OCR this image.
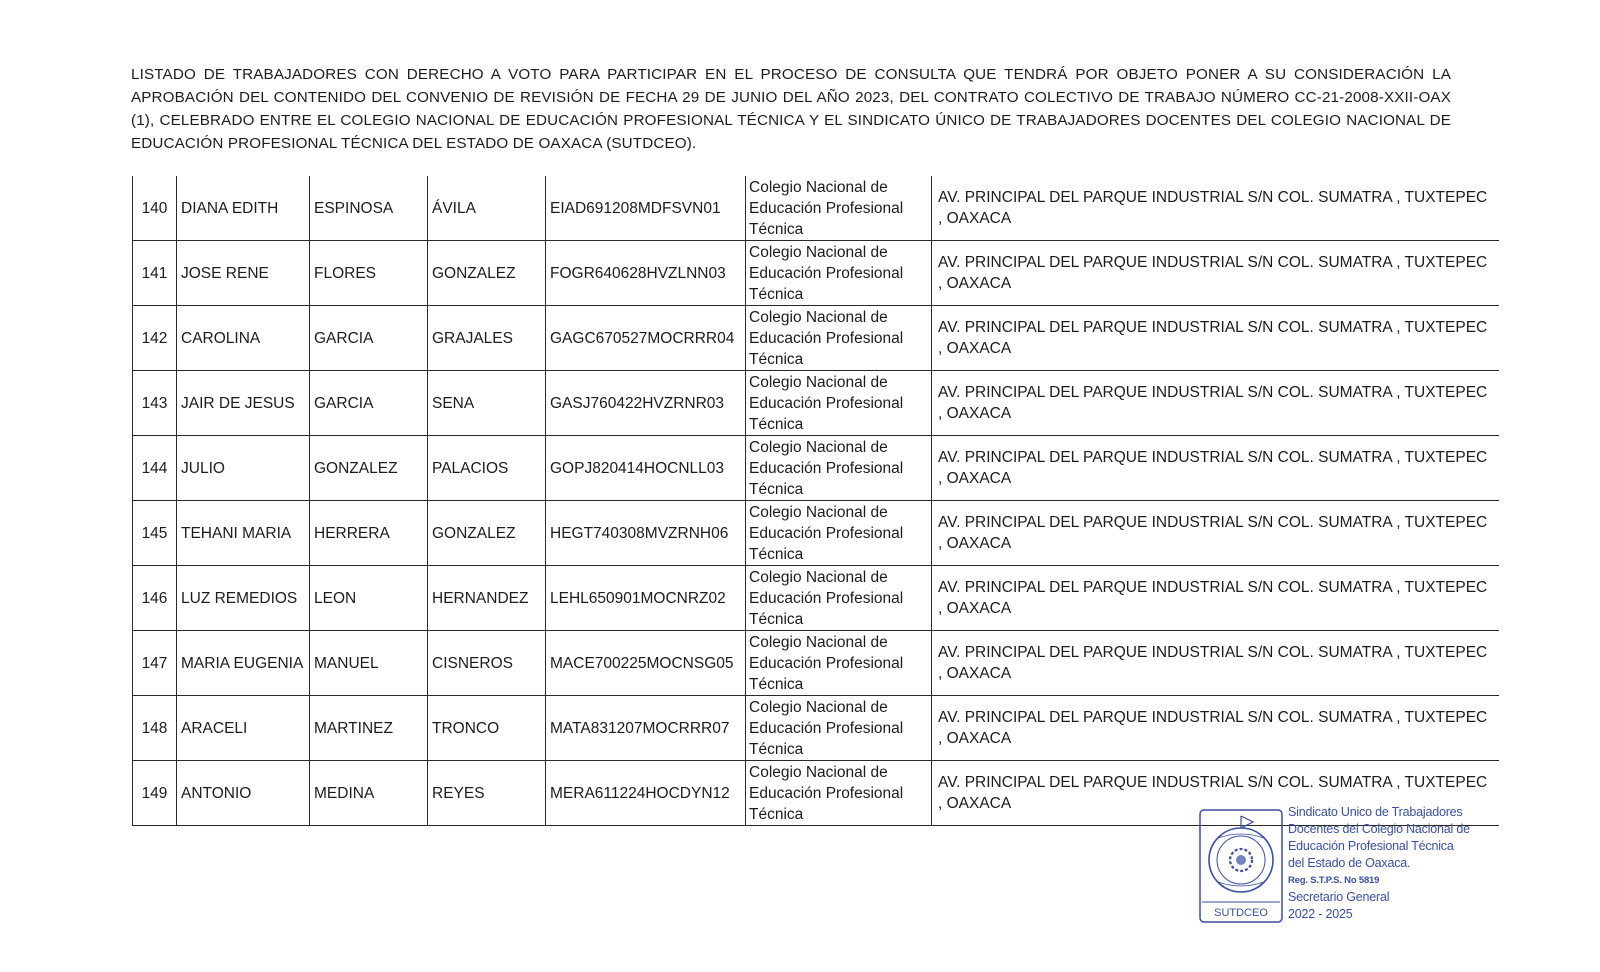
LISTADO DE TRABAJADORES CON DERECHO A VOTO PARA PARTICIPAR EN EL PROCESO DE CONSULTA QUE TENDRÁ POR OBJETO PONER A SU CONSIDERACIÓN LA APROBACIÓN DEL CONTENIDO DEL CONVENIO DE REVISIÓN DE FECHA 29 DE JUNIO DEL AÑO 2023, DEL CONTRATO COLECTIVO DE TRABAJO NÚMERO CC-21-2008-XXII-OAX (1), CELEBRADO ENTRE EL COLEGIO NACIONAL DE EDUCACIÓN PROFESIONAL TÉCNICA Y EL SINDICATO ÚNICO DE TRABAJADORES DOCENTES DEL COLEGIO NACIONAL DE EDUCACIÓN PROFESIONAL TÉCNICA DEL ESTADO DE OAXACA (SUTDCEO).

140	DIANA EDITH	ESPINOSA	ÁVILA	EIAD691208MDFSVN01	Colegio Nacional de Educación Profesional Técnica	AV. PRINCIPAL DEL PARQUE INDUSTRIAL S/N COL. SUMATRA , TUXTEPEC , OAXACA
141	JOSE RENE	FLORES	GONZALEZ	FOGR640628HVZLNN03	Colegio Nacional de Educación Profesional Técnica	AV. PRINCIPAL DEL PARQUE INDUSTRIAL S/N COL. SUMATRA , TUXTEPEC , OAXACA
142	CAROLINA	GARCIA	GRAJALES	GAGC670527MOCRRR04	Colegio Nacional de Educación Profesional Técnica	AV. PRINCIPAL DEL PARQUE INDUSTRIAL S/N COL. SUMATRA , TUXTEPEC , OAXACA
143	JAIR DE JESUS	GARCIA	SENA	GASJ760422HVZRNR03	Colegio Nacional de Educación Profesional Técnica	AV. PRINCIPAL DEL PARQUE INDUSTRIAL S/N COL. SUMATRA , TUXTEPEC , OAXACA
144	JULIO	GONZALEZ	PALACIOS	GOPJ820414HOCNLL03	Colegio Nacional de Educación Profesional Técnica	AV. PRINCIPAL DEL PARQUE INDUSTRIAL S/N COL. SUMATRA , TUXTEPEC , OAXACA
145	TEHANI MARIA	HERRERA	GONZALEZ	HEGT740308MVZRNH06	Colegio Nacional de Educación Profesional Técnica	AV. PRINCIPAL DEL PARQUE INDUSTRIAL S/N COL. SUMATRA , TUXTEPEC , OAXACA
146	LUZ REMEDIOS	LEON	HERNANDEZ	LEHL650901MOCNRZ02	Colegio Nacional de Educación Profesional Técnica	AV. PRINCIPAL DEL PARQUE INDUSTRIAL S/N COL. SUMATRA , TUXTEPEC , OAXACA
147	MARIA EUGENIA	MANUEL	CISNEROS	MACE700225MOCNSG05	Colegio Nacional de Educación Profesional Técnica	AV. PRINCIPAL DEL PARQUE INDUSTRIAL S/N COL. SUMATRA , TUXTEPEC , OAXACA
148	ARACELI	MARTINEZ	TRONCO	MATA831207MOCRRR07	Colegio Nacional de Educación Profesional Técnica	AV. PRINCIPAL DEL PARQUE INDUSTRIAL S/N COL. SUMATRA , TUXTEPEC , OAXACA
149	ANTONIO	MEDINA	REYES	MERA611224HOCDYN12	Colegio Nacional de Educación Profesional Técnica	AV. PRINCIPAL DEL PARQUE INDUSTRIAL S/N COL. SUMATRA , TUXTEPEC , OAXACA
SUTDCEO
Sindicato Unico de Trabajadores
Docentes del Colegio Nacional de
Educación Profesional Técnica
del Estado de Oaxaca.
Reg. S.T.P.S. No 5819
Secretario General
2022 - 2025
